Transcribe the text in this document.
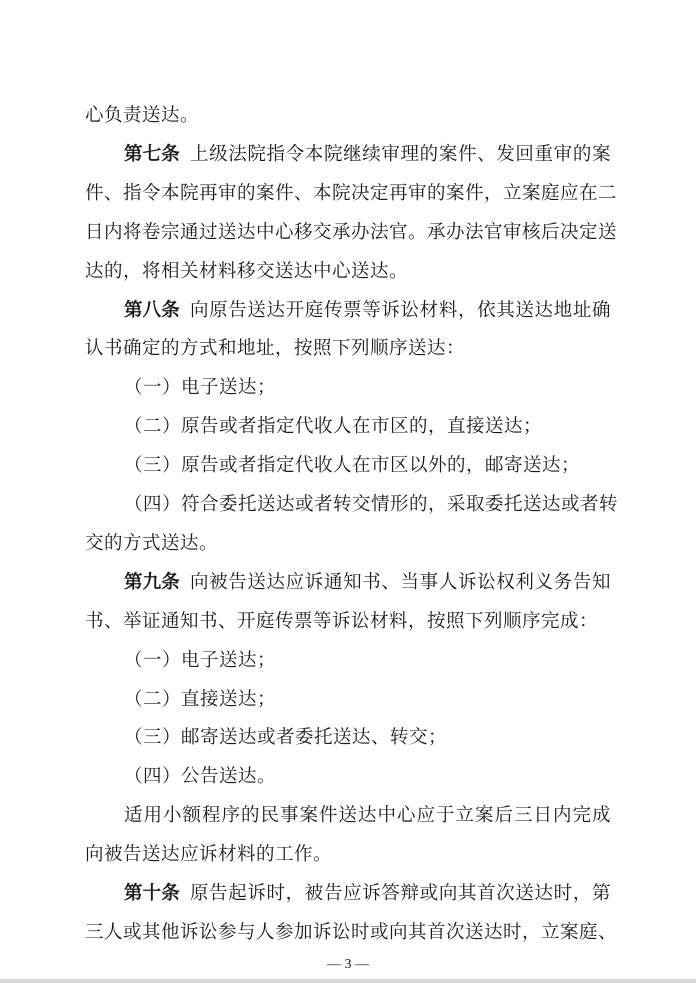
心负责送达。
第七条 上级法院指令本院继续审理的案件、发回重审的案
件、指令本院再审的案件、本院决定再审的案件，立案庭应在二
日内将卷宗通过送达中心移交承办法官。承办法官审核后决定送
达的，将相关材料移交送达中心送达。
第八条 向原告送达开庭传票等诉讼材料，依其送达地址确
认书确定的方式和地址，按照下列顺序送达：
（一）电子送达；
（二）原告或者指定代收人在市区的，直接送达；
（三）原告或者指定代收人在市区以外的，邮寄送达；
（四）符合委托送达或者转交情形的，采取委托送达或者转
交的方式送达。
第九条 向被告送达应诉通知书、当事人诉讼权利义务告知
书、举证通知书、开庭传票等诉讼材料，按照下列顺序完成：
（一）电子送达；
（二）直接送达；
（三）邮寄送达或者委托送达、转交；
（四）公告送达。
适用小额程序的民事案件送达中心应于立案后三日内完成
向被告送达应诉材料的工作。
第十条 原告起诉时，被告应诉答辩或向其首次送达时，第
— 3 —
三人或其他诉讼参与人参加诉讼时或向其首次送达时，立案庭、
